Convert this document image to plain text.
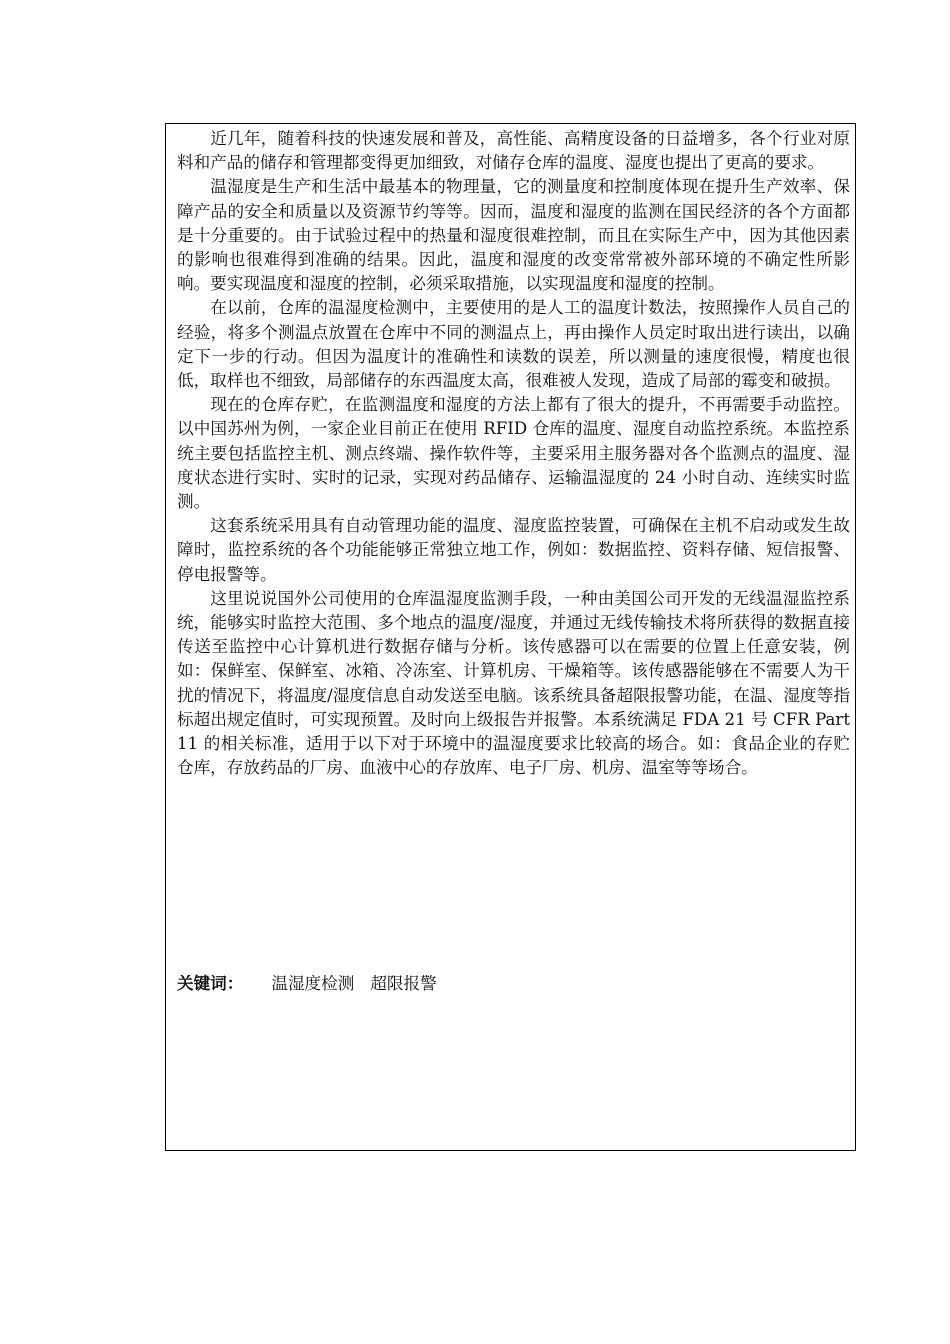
近几年，随着科技的快速发展和普及，高性能、高精度设备的日益增多，各个行业对原料和产品的储存和管理都变得更加细致，对储存仓库的温度、湿度也提出了更高的要求。

温湿度是生产和生活中最基本的物理量，它的测量度和控制度体现在提升生产效率、保障产品的安全和质量以及资源节约等等。因而，温度和湿度的监测在国民经济的各个方面都是十分重要的。由于试验过程中的热量和湿度很难控制，而且在实际生产中，因为其他因素的影响也很难得到准确的结果。因此，温度和湿度的改变常常被外部环境的不确定性所影响。要实现温度和湿度的控制，必须采取措施，以实现温度和湿度的控制。

在以前，仓库的温湿度检测中，主要使用的是人工的温度计数法，按照操作人员自己的经验，将多个测温点放置在仓库中不同的测温点上，再由操作人员定时取出进行读出，以确定下一步的行动。但因为温度计的准确性和读数的误差，所以测量的速度很慢，精度也很低，取样也不细致，局部储存的东西温度太高，很难被人发现，造成了局部的霉变和破损。

现在的仓库存贮，在监测温度和湿度的方法上都有了很大的提升，不再需要手动监控。以中国苏州为例，一家企业目前正在使用 RFID 仓库的温度、湿度自动监控系统。本监控系统主要包括监控主机、测点终端、操作软件等，主要采用主服务器对各个监测点的温度、湿度状态进行实时、实时的记录，实现对药品储存、运输温湿度的 24 小时自动、连续实时监测。

这套系统采用具有自动管理功能的温度、湿度监控装置，可确保在主机不启动或发生故障时，监控系统的各个功能能够正常独立地工作，例如：数据监控、资料存储、短信报警、停电报警等。

这里说说国外公司使用的仓库温湿度监测手段，一种由美国公司开发的无线温湿监控系统，能够实时监控大范围、多个地点的温度/湿度，并通过无线传输技术将所获得的数据直接传送至监控中心计算机进行数据存储与分析。该传感器可以在需要的位置上任意安装，例如：保鲜室、保鲜室、冰箱、冷冻室、计算机房、干燥箱等。该传感器能够在不需要人为干扰的情况下，将温度/湿度信息自动发送至电脑。该系统具备超限报警功能，在温、湿度等指标超出规定值时，可实现预置。及时向上级报告并报警。本系统满足 FDA 21 号 CFR Part 11 的相关标准，适用于以下对于环境中的温湿度要求比较高的场合。如：食品企业的存贮仓库，存放药品的厂房、血液中心的存放库、电子厂房、机房、温室等等场合。

关键词： 温湿度检测 超限报警
